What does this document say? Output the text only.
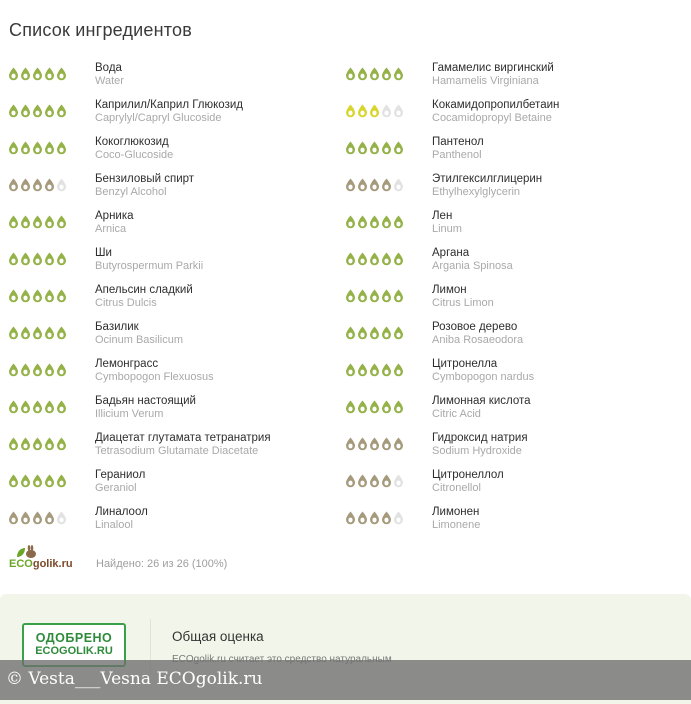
Список ингредиентов
Вода
Water
Каприлил/Каприл Глюкозид
Caprylyl/Capryl Glucoside
Кокоглюкозид
Coco-Glucoside
Бензиловый спирт
Benzyl Alcohol
Арника
Arnica
Ши
Butyrospermum Parkii
Апельсин сладкий
Citrus Dulcis
Базилик
Ocinum Basilicum
Лемонграсс
Cymbopogon Flexuosus
Бадьян настоящий
Illicium Verum
Диацетат глутамата тетранатрия
Tetrasodium Glutamate Diacetate
Гераниол
Geraniol
Линалоол
Linalool
Гамамелис виргинский
Hamamelis Virginiana
Кокамидопропилбетаин
Cocamidopropyl Betaine
Пантенол
Panthenol
Этилгексилглицерин
Ethylhexylglycerin
Лен
Linum
Аргана
Argania Spinosa
Лимон
Citrus Limon
Розовое дерево
Aniba Rosaeodora
Цитронелла
Cymbopogon nardus
Лимонная кислота
Citric Acid
Гидроксид натрия
Sodium Hydroxide
Цитронеллол
Citronellol
Лимонен
Limonene
ECOgolik.ru Найдено: 26 из 26 (100%)
ОДОБРЕНО
ECOGOLIK.RU
Общая оценка
© Vesta___Vesna ECOgolik.ru
